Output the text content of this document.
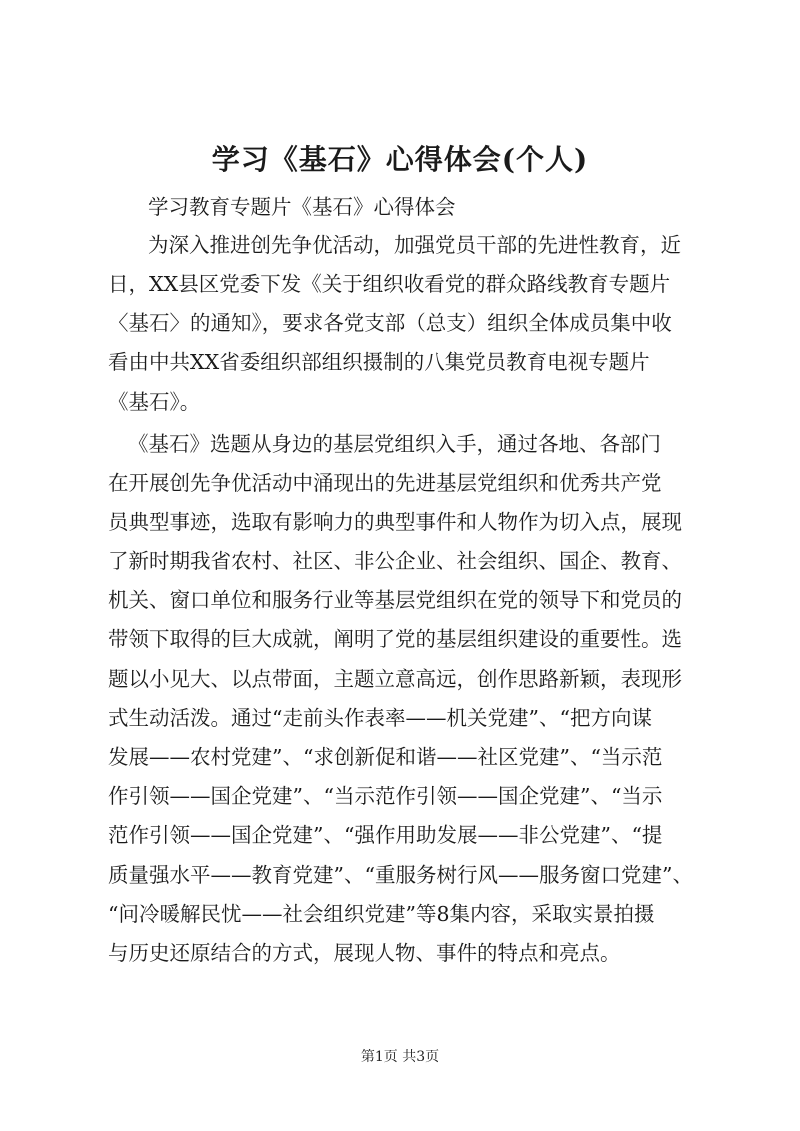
学习《基石》心得体会(个人)
学习教育专题片《基石》心得体会
为深入推进创先争优活动，加强党员干部的先进性教育，近
日，XX县区党委下发《关于组织收看党的群众路线教育专题片
〈基石〉的通知》，要求各党支部（总支）组织全体成员集中收
看由中共XX省委组织部组织摄制的八集党员教育电视专题片
《基石》。
《基石》选题从身边的基层党组织入手，通过各地、各部门
在开展创先争优活动中涌现出的先进基层党组织和优秀共产党
员典型事迹，选取有影响力的典型事件和人物作为切入点，展现
了新时期我省农村、社区、非公企业、社会组织、国企、教育、
机关、窗口单位和服务行业等基层党组织在党的领导下和党员的
带领下取得的巨大成就，阐明了党的基层组织建设的重要性。选
题以小见大、以点带面，主题立意高远，创作思路新颖，表现形
式生动活泼。通过“走前头作表率——机关党建”、“把方向谋
发展——农村党建”、“求创新促和谐——社区党建”、“当示范
作引领——国企党建”、“当示范作引领——国企党建”、“当示
范作引领——国企党建”、“强作用助发展——非公党建”、“提
质量强水平——教育党建”、“重服务树行风——服务窗口党建”、
“问冷暖解民忧——社会组织党建”等8集内容，采取实景拍摄
与历史还原结合的方式，展现人物、事件的特点和亮点。
第1页 共3页
